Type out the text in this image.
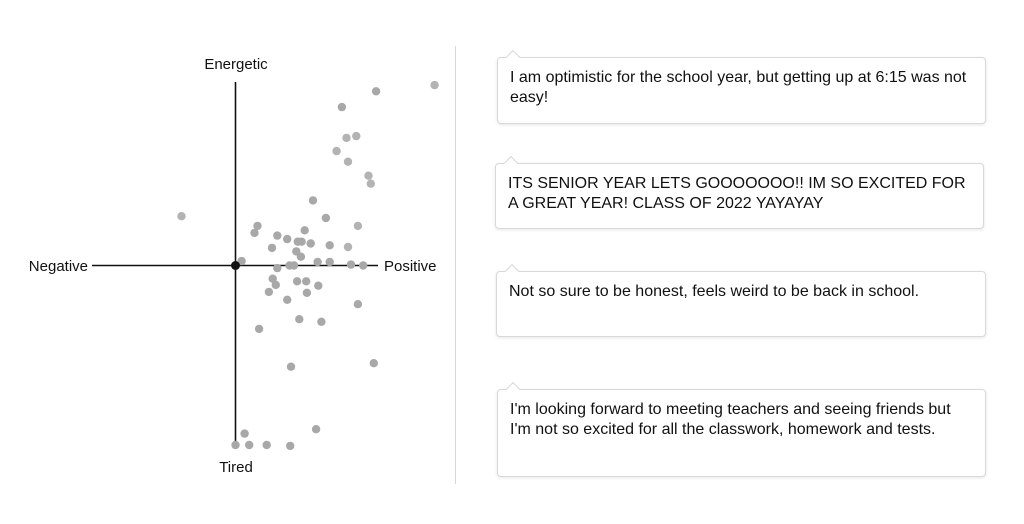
Energetic
Tired
Negative	Positive
I am optimistic for the school year, but getting up at 6:15 was not easy!
ITS SENIOR YEAR LETS GOOOOOOO!! IM SO EXCITED FOR A GREAT YEAR! CLASS OF 2022 YAYAYAY
Not so sure to be honest, feels weird to be back in school.
I'm looking forward to meeting teachers and seeing friends but I'm not so excited for all the classwork, homework and tests.
